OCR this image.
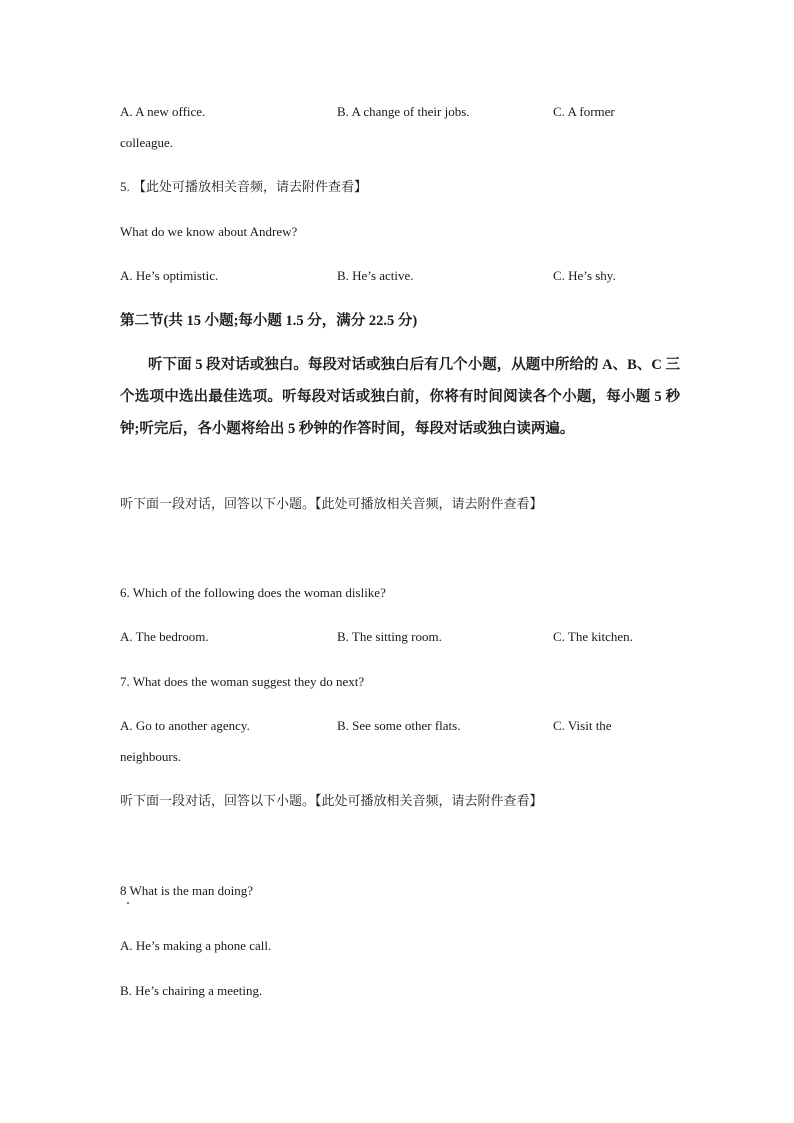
A. A new office.	B. A change of their jobs.	C. A former
colleague.
5. 【此处可播放相关音频，请去附件查看】
What do we know about Andrew?
A. He’s optimistic.	B. He’s active.	C. He’s shy.
第二节(共 15 小题;每小题 1.5 分，满分 22.5 分)
听下面 5 段对话或独白。每段对话或独白后有几个小题，从题中所给的 A、B、C 三个选项中选出最佳选项。听每段对话或独白前，你将有时间阅读各个小题，每小题 5 秒钟;听完后，各小题将给出 5 秒钟的作答时间，每段对话或独白读两遍。
听下面一段对话，回答以下小题。【此处可播放相关音频，请去附件查看】
6. Which of the following does the woman dislike?
A. The bedroom.	B. The sitting room.	C. The kitchen.
7. What does the woman suggest they do next?
A. Go to another agency.	B. See some other flats.	C. Visit the
neighbours.
听下面一段对话，回答以下小题。【此处可播放相关音频，请去附件查看】
8 What is the man doing?
A. He’s making a phone call.
B. He’s chairing a meeting.
